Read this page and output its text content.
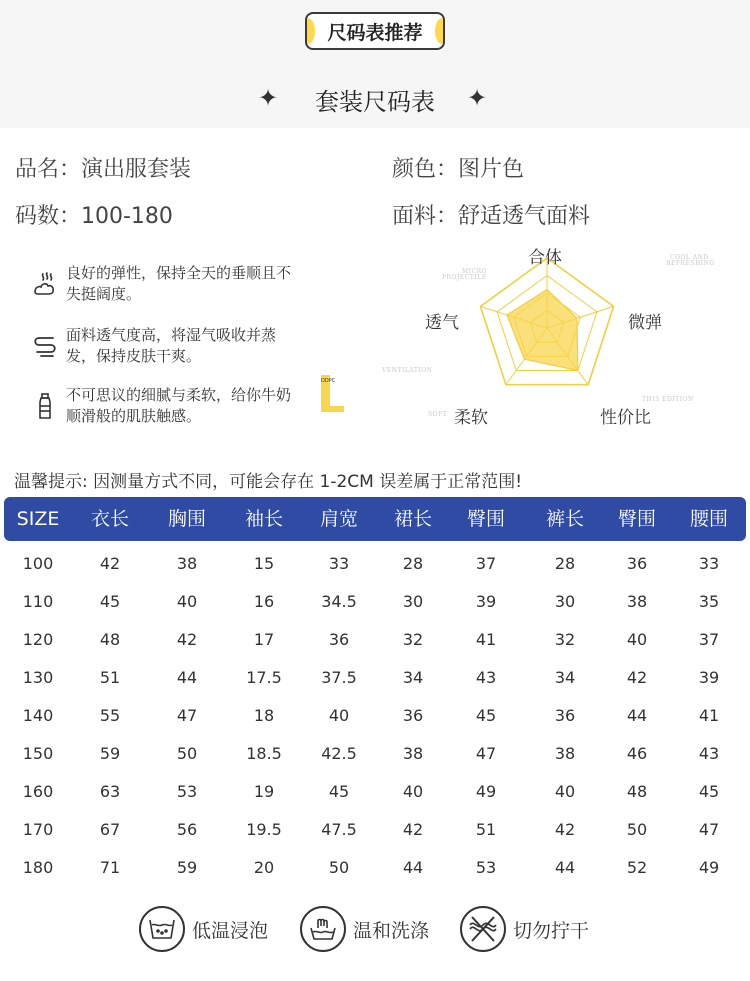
尺码表推荐
✦	套装尺码表	✦
品名：演出服套装
码数：100-180
颜色：图片色
面料：舒适透气面料
良好的弹性，保持全天的垂顺且不失挺阔度。
面料透气度高，将湿气吸收并蒸发，保持皮肤干爽。
不可思议的细腻与柔软，给你牛奶顺滑般的肌肤触感。
DDPC
合体
微弹
性价比
柔软
透气
MICRO
PROJECTILE
COOL AND
REFRESHING
VENTILATION
SOFT
THIS EDITION
温馨提示: 因测量方式不同，可能会存在 1-2CM 误差属于正常范围!
SIZE	衣长	胸围	袖长	肩宽	裙长	臀围	裤长	臀围	腰围
100	42	38	15	33	28	37	28	36	33
110	45	40	16	34.5	30	39	30	38	35
120	48	42	17	36	32	41	32	40	37
130	51	44	17.5	37.5	34	43	34	42	39
140	55	47	18	40	36	45	36	44	41
150	59	50	18.5	42.5	38	47	38	46	43
160	63	53	19	45	40	49	40	48	45
170	67	56	19.5	47.5	42	51	42	50	47
180	71	59	20	50	44	53	44	52	49
低温浸泡	温和洗涤	切勿拧干
